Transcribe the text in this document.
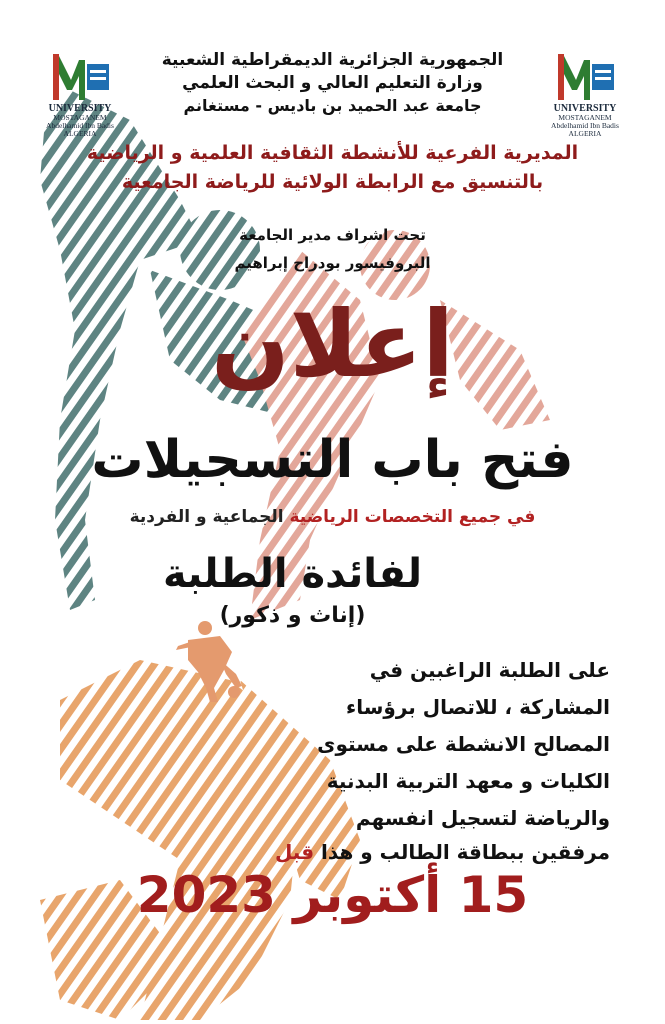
UNIVERSITY
MOSTAGANEM
Abdelhamid Ibn Badis
ALGERIA
UNIVERSITY
MOSTAGANEM
Abdelhamid Ibn Badis
ALGERIA
الجمهورية الجزائرية الديمقراطية الشعبية
وزارة التعليم العالي و البحث العلمي
جامعة عبد الحميد بن باديس - مستغانم
المديرية الفرعية للأنشطة الثقافية العلمية و الرياضية
بالتنسيق مع الرابطة الولائية للرياضة الجامعية
تحت اشراف مدير الجامعة
البروفيسور بودراح إبراهيم
إعلان
فتح باب التسجيلات
في جميع التخصصات الرياضية الجماعية و الفردية
لفائدة الطلبة
(إناث و ذكور)
على الطلبة الراغبين في
المشاركة ، للاتصال برؤساء
المصالح الانشطة على مستوى
الكليات و معهد التربية البدنية
والرياضة لتسجيل انفسهم
مرفقين ببطاقة الطالب و هذا قبل
15 أكتوبر 2023
